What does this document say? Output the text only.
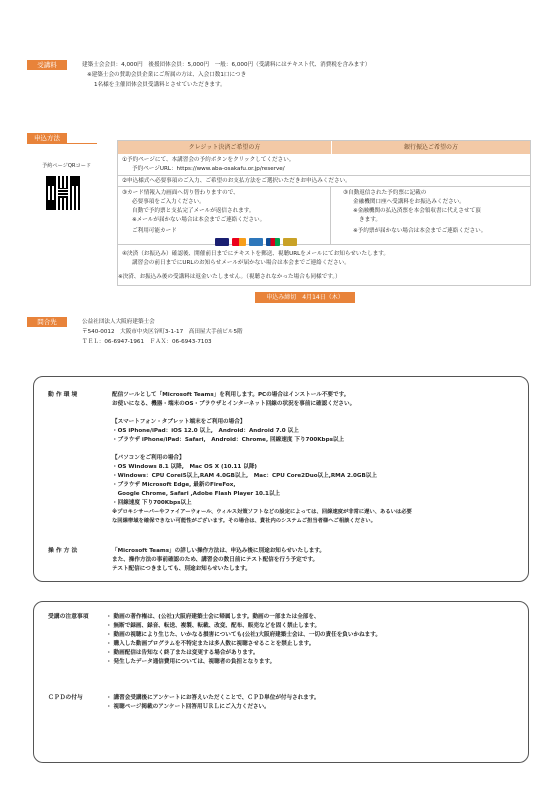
受講料	建築士会会員：4,000円　後援団体会員：5,000円　一般：6,000円（受講料にはテキスト代、消費税を含みます）
※建築士会の賛助会員企業にご所属の方は、入会口数1口につき
1名様を主催団体会員受講料とさせていただきます。
申込方法
予約ページQRコード
クレジット決済ご希望の方	銀行振込ご希望の方
①予約ページにて、本講習会の予約ボタンをクリックしてください。
予約ページURL：https://www.aba-osakafu.or.jp/reserve/
②申込様式へ必要事項のご入力、ご希望のお支払方法をご選択いただきお申込みください。
③カード情報入力画面へ切り替わりますので、
必要事項をご入力ください。
自動で予約票と支払完了メールが返信されます。
※メールが届かない場合は本会までご連絡ください。
ご利用可能カード
③自動返信された予約票に記載の
金融機関口座へ受講料をお振込みください。
※金融機関の払込済票を本会領収書に代えさせて頂
きます。
※予約票が届かない場合は本会までご連絡ください。
④決済（お振込み）確認後、開催前日までにテキストを郵送、視聴URLをメールにてお知らせいたします。
講習会の前日までにURLのお知らせメールが届かない場合は本会までご連絡ください。
※決済、お振込み後の受講料は返金いたしません。（視聴されなかった場合も同様です。）
申込み締切　4月14日（木）
問合先	公益社団法人大阪府建築士会
〒540-0012　大阪市中央区谷町3-1-17　高田屋大手前ビル5階
ＴＥＬ：06-6947-1961　ＦＡＸ：06-6943-7103
動 作 環 境	配信ツールとして「Microsoft Teams」を利用します。PCの場合はインストール不要です。
お使いになる、機器・端末のOS・ブラウザとインターネット回線の状況を事前に確認ください。
【スマートフォン・タブレット端末をご利用の場合】
・OS iPhone/iPad：iOS 12.0 以上,　Android：Android 7.0 以上
・ブラウザ iPhone/iPad：Safari,　Android：Chrome, 回線速度 下り700Kbps以上
【パソコンをご利用の場合】
・OS Windows 8.1 以降,　Mac OS X (10.11 以降)
・Windows：CPU Corei5以上,RAM 4.0GB以上,　Mac：CPU Core2Duo以上,RMA 2.0GB以上
・ブラウザ Microsoft Edge, 最新のFireFox,
　Google Chrome, Safari ,Adobe Flash Player 10.1以上
・回線速度 下り700Kbps以上
※プロキシサーバーやファイアーウォール、ウィルス対策ソフトなどの設定によっては、回線速度が非常に遅い、あるいは必要
な回線帯域を確保できない可能性がございます。その場合は、貴社内のシステムご担当者様へご相談ください。
操 作 方 法	「Microsoft Teams」の詳しい操作方法は、申込み後に別途お知らせいたします。
また、操作方法の事前確認のため、講習会の数日前にテスト配信を行う予定です。
テスト配信につきましても、別途お知らせいたします。
受講の注意事項	・ 動画の著作権は、(公社)大阪府建築士会に帰属します。動画の一部または全部を、
・ 無断で録画、録音、転送、複製、転載、改変、配布、販売などを固く禁止します。
・ 動画の視聴により生じた、いかなる損害についても(公社)大阪府建築士会は、一切の責任を負いかねます。
・ 購入した動画プログラムを不特定または多人数に視聴させることを禁止します。
・ 動画配信は告知なく終了または変更する場合があります。
・ 発生したデータ通信費用については、視聴者の負担となります。
ＣＰＤの付与	・ 講習会受講後にアンケートにお答えいただくことで、ＣＰＤ単位が付与されます。
・ 視聴ページ掲載のアンケート回答用ＵＲＬにご入力ください。
